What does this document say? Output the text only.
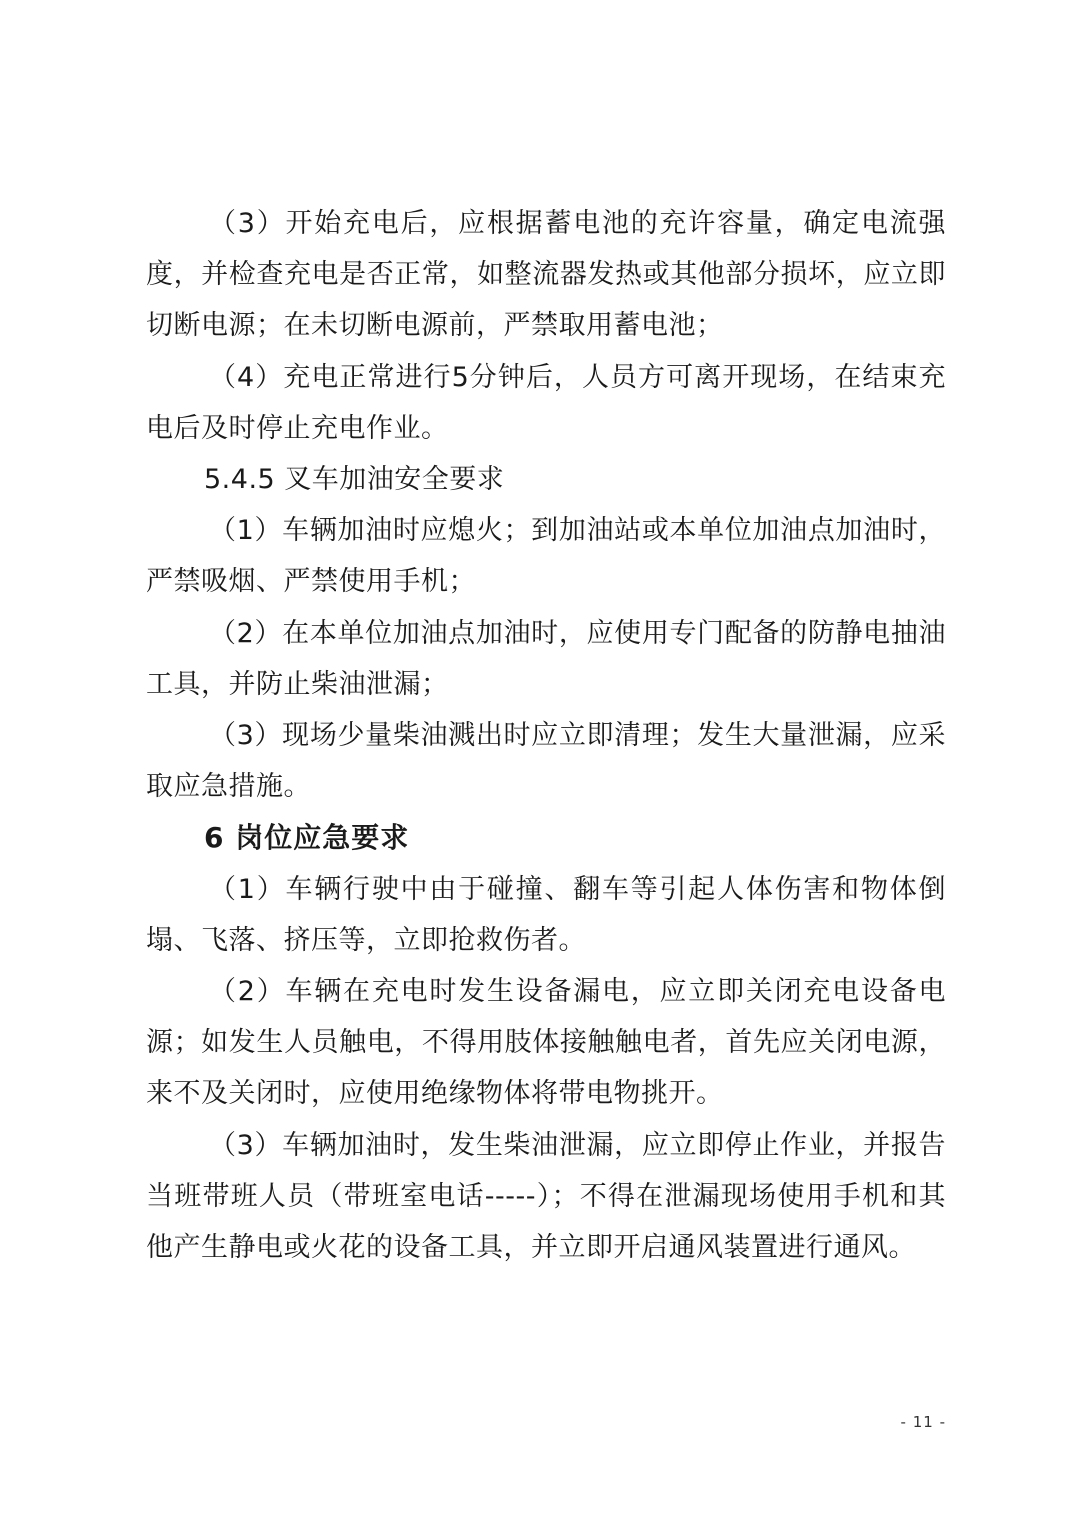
（3）开始充电后，应根据蓄电池的充许容量，确定电流强度，并检查充电是否正常，如整流器发热或其他部分损坏，应立即切断电源；在未切断电源前，严禁取用蓄电池；

（4）充电正常进行5分钟后，人员方可离开现场，在结束充电后及时停止充电作业。

5.4.5 叉车加油安全要求

（1）车辆加油时应熄火；到加油站或本单位加油点加油时，严禁吸烟、严禁使用手机；

（2）在本单位加油点加油时，应使用专门配备的防静电抽油工具，并防止柴油泄漏；

（3）现场少量柴油溅出时应立即清理；发生大量泄漏，应采取应急措施。

6 岗位应急要求

（1）车辆行驶中由于碰撞、翻车等引起人体伤害和物体倒塌、飞落、挤压等，立即抢救伤者。

（2）车辆在充电时发生设备漏电，应立即关闭充电设备电源；如发生人员触电，不得用肢体接触触电者，首先应关闭电源，来不及关闭时，应使用绝缘物体将带电物挑开。

（3）车辆加油时，发生柴油泄漏，应立即停止作业，并报告当班带班人员（带班室电话-----）；不得在泄漏现场使用手机和其他产生静电或火花的设备工具，并立即开启通风装置进行通风。

- 11 -
